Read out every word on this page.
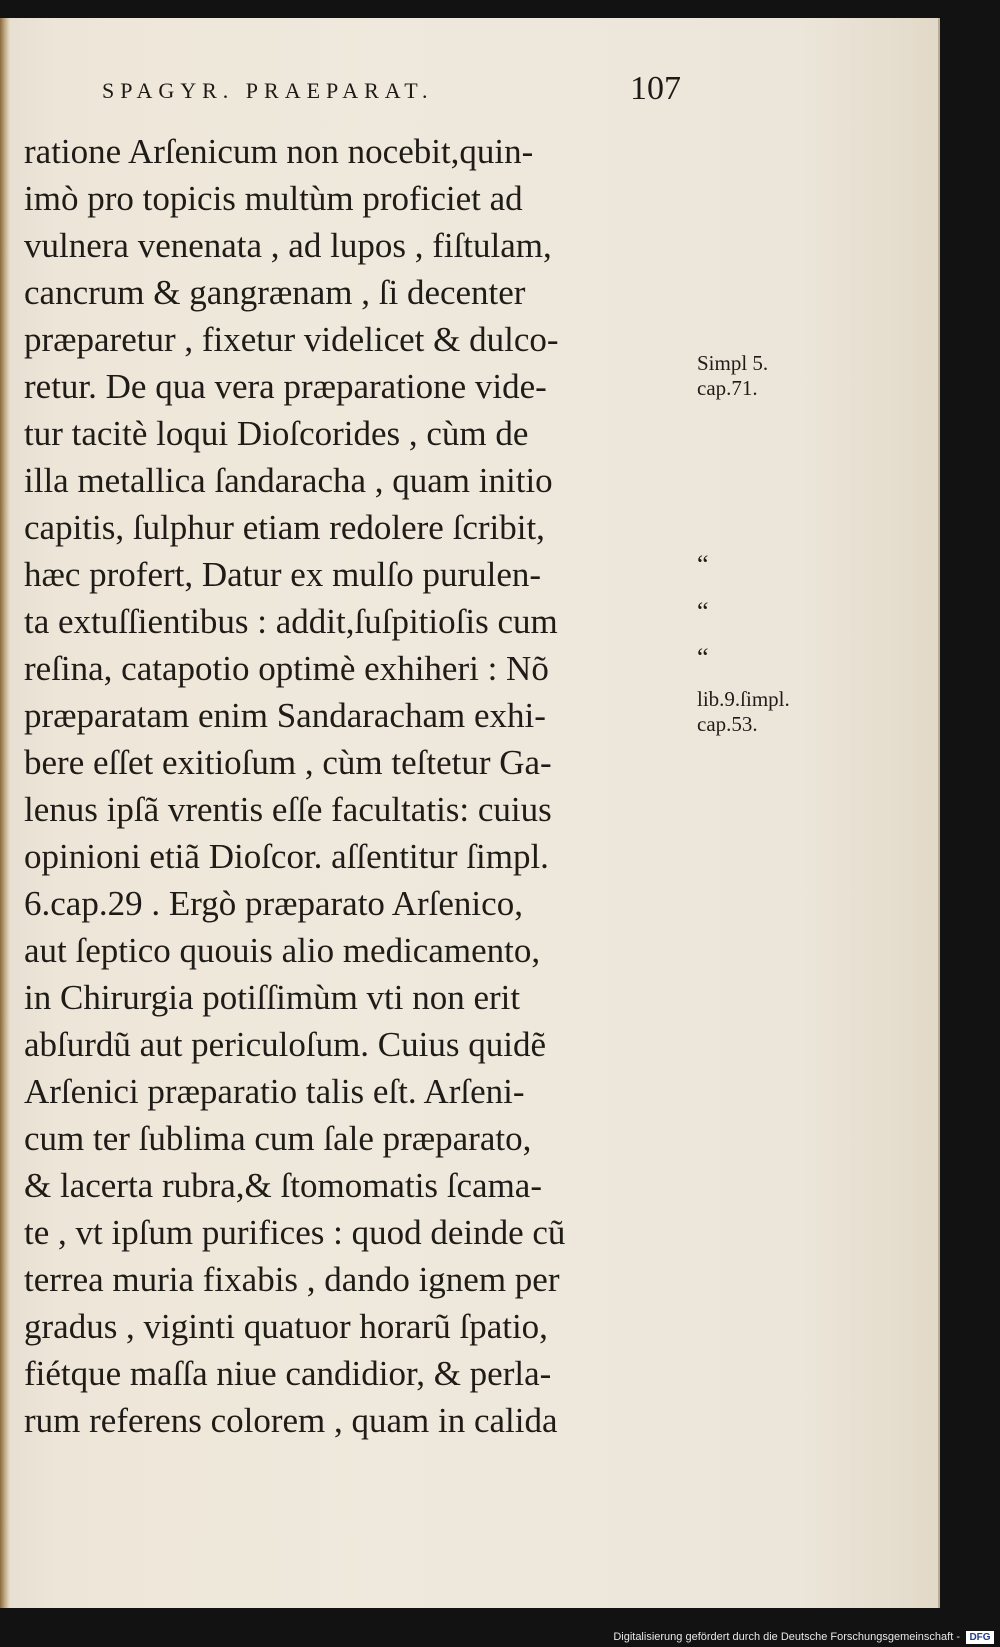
SPAGYR. PRAEPARAT.	107
ratione Arſenicum non nocebit,quin-
imò pro topicis multùm proficiet ad
vulnera venenata , ad lupos , fiſtulam,
cancrum & gangrænam , ſi decenter
præparetur , fixetur videlicet & dulco-
retur. De qua vera præparatione vide-
tur tacitè loqui Dioſcorides , cùm de
illa metallica ſandaracha , quam initio
capitis, ſulphur etiam redolere ſcribit,
hæc profert, Datur ex mulſo purulen-
ta extuſſientibus : addit,ſuſpitioſis cum
reſina, catapotio optimè exhiheri : Nõ
præparatam enim Sandaracham exhi-
bere eſſet exitioſum , cùm teſtetur Ga-
lenus ipſã vrentis eſſe facultatis: cuius
opinioni etiã Dioſcor. aſſentitur ſimpl.
6.cap.29 . Ergò præparato Arſenico,
aut ſeptico quouis alio medicamento,
in Chirurgia potiſſimùm vti non erit
abſurdũ aut periculoſum. Cuius quidẽ
Arſenici præparatio talis eſt. Arſeni-
cum ter ſublima cum ſale præparato,
& lacerta rubra,& ſtomomatis ſcama-
te , vt ipſum purifices : quod deinde cũ
terrea muria fixabis , dando ignem per
gradus , viginti quatuor horarũ ſpatio,
fiétque maſſa niue candidior, & perla-
rum referens colorem , quam in calida
Simpl 5.
cap.71.
“
“
“
lib.9.ſimpl.
cap.53.
Digitalisierung gefördert durch die Deutsche Forschungsgemeinschaft - DFG
